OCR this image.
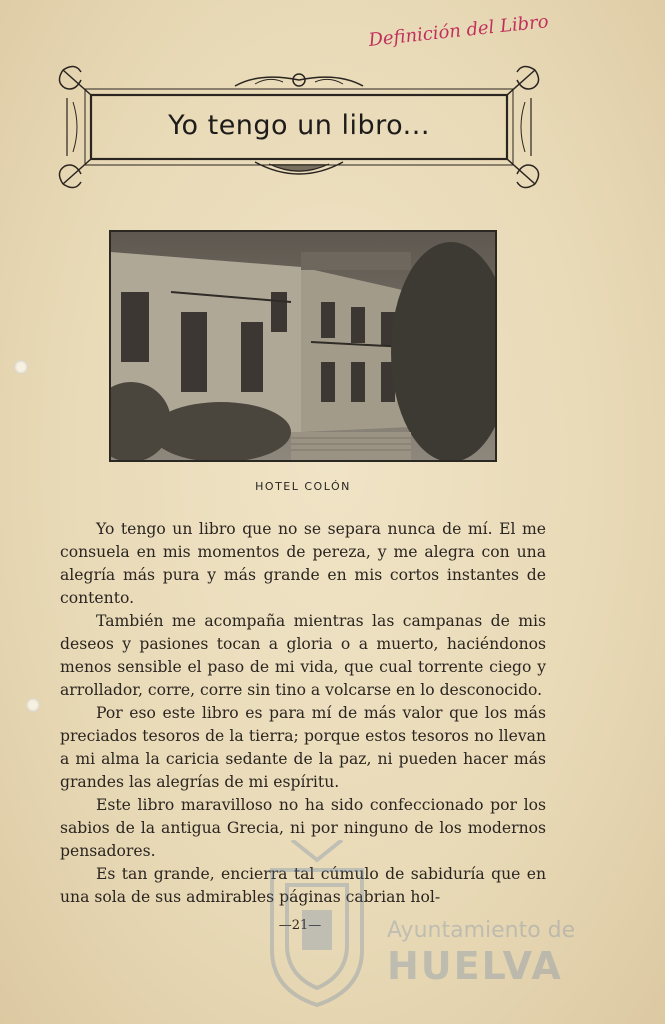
Definición del Libro
Yo tengo un libro...
HOTEL COLÓN

Yo tengo un libro que no se separa nunca de mí. El me consuela en mis momentos de pereza, y me alegra con una alegría más pura y más grande en mis cortos instantes de contento.

También me acompaña mientras las campanas de mis deseos y pasiones tocan a gloria o a muerto, haciéndonos menos sensible el paso de mi vida, que cual torrente ciego y arrollador, corre, corre sin tino a volcarse en lo desconocido.

Por eso este libro es para mí de más valor que los más preciados tesoros de la tierra; porque estos tesoros no llevan a mi alma la caricia sedante de la paz, ni pueden hacer más grandes las alegrías de mi espíritu.

Este libro maravilloso no ha sido confeccionado por los sabios de la antigua Grecia, ni por ninguno de los modernos pensadores.

Es tan grande, encierra tal cúmulo de sabiduría que en una sola de sus admirables páginas cabrian hol-

—21—	Ayuntamiento de
HUELVA
